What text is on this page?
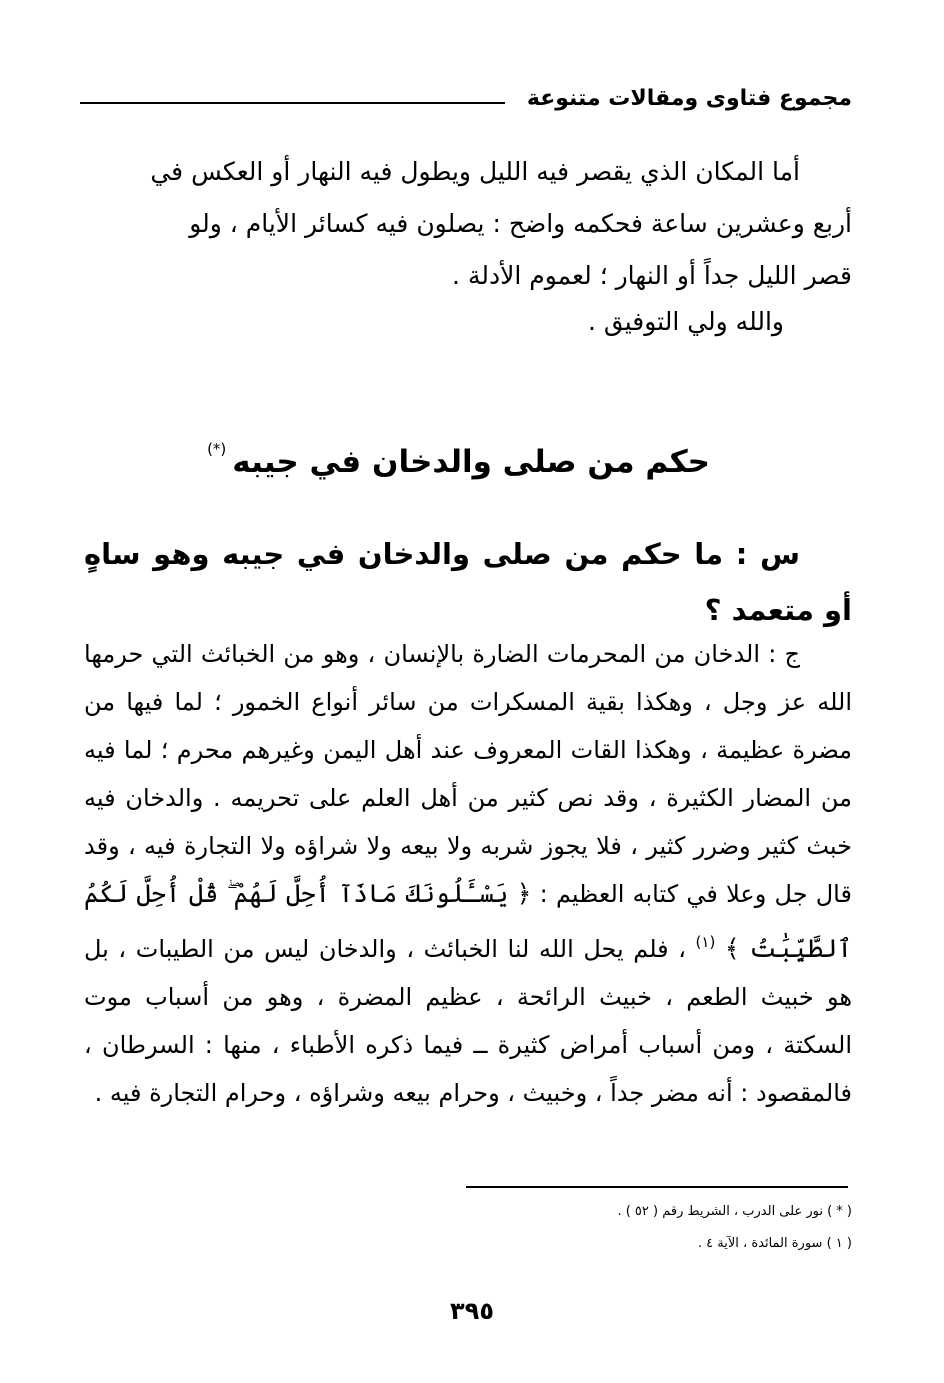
مجموع فتاوى ومقالات متنوعة

أما المكان الذي يقصر فيه الليل ويطول فيه النهار أو العكس في

أربع وعشرين ساعة فحكمه واضح : يصلون فيه كسائر الأيام ، ولو

قصر الليل جداً أو النهار ؛ لعموم الأدلة .

والله ولي التوفيق .
حكم من صلى والدخان في جيبه(*)
س : ما حكم من صلى والدخان في جيبه وهو ساهٍ أو متعمد ؟
ج : الدخان من المحرمات الضارة بالإنسان ، وهو من الخبائث التي حرمها الله عز وجل ، وهكذا بقية المسكرات من سائر أنواع الخمور ؛ لما فيها من مضرة عظيمة ، وهكذا القات المعروف عند أهل اليمن وغيرهم محرم ؛ لما فيه من المضار الكثيرة ، وقد نص كثير من أهل العلم على تحريمه . والدخان فيه خبث كثير وضرر كثير ، فلا يجوز شربه ولا بيعه ولا شراؤه ولا التجارة فيه ، وقد قال جل وعلا في كتابه العظيم : ﴿ يَسْـَٔلُونَكَ مَاذَآ أُحِلَّ لَهُمْ ۖ قُلْ أُحِلَّ لَكُمُ ٱلطَّيِّبَٰتُ ﴾ $^{(١)}$ ، فلم يحل الله لنا الخبائث ، والدخان ليس من الطيبات ، بل هو خبيث الطعم ، خبيث الرائحة ، عظيم المضرة ، وهو من أسباب موت السكتة ، ومن أسباب أمراض كثيرة ــ فيما ذكره الأطباء ، منها : السرطان ، فالمقصود : أنه مضر جداً ، وخبيث ، وحرام بيعه وشراؤه ، وحرام التجارة فيه .

( * ) نور على الدرب ، الشريط رقم ( ٥٢ ) .

( ١ ) سورة المائدة ، الآية ٤ .

٣٩٥
